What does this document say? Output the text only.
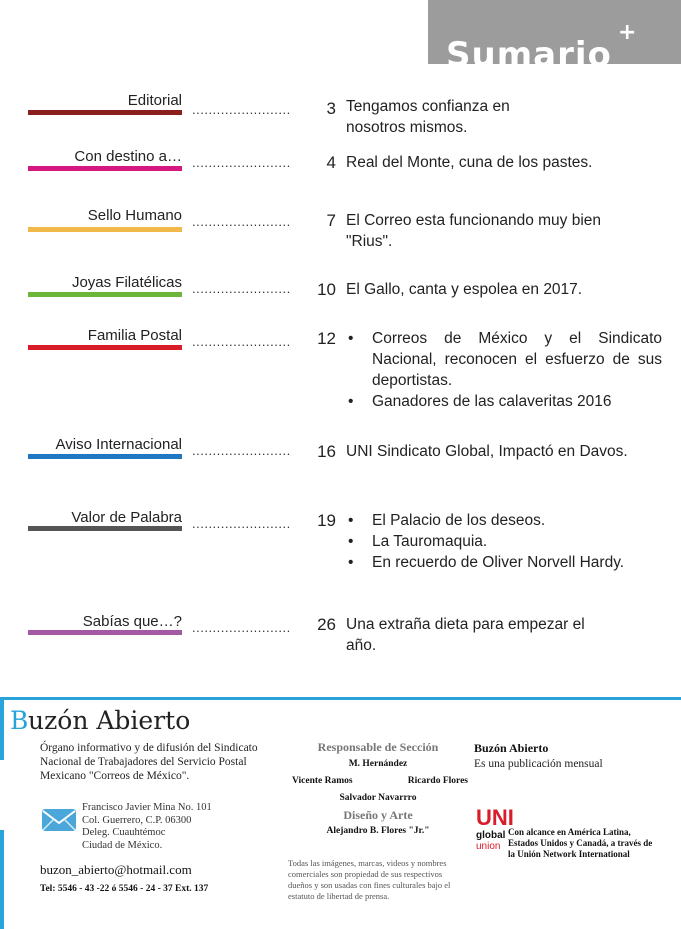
Sumario
+
Editorial
........................	3 Tengamos confianza en
nosotros mismos.
Con destino a… ........................	4 Real del Monte, cuna de los pastes.
Sello Humano ........................	7 El Correo esta funcionando muy bien
"Rius".
Joyas Filatélicas ........................	10 El Gallo, canta y espolea en 2017.
Familia Postal ........................	12	• Correos de México y el Sindicato Nacional, reconocen el esfuerzo de sus deportistas.
• Ganadores de las calaveritas 2016
Aviso Internacional ........................	16 UNI Sindicato Global, Impactó en Davos.
Valor de Palabra ........................	19	• El Palacio de los deseos.
• La Tauromaquia.
• En recuerdo de Oliver Norvell Hardy.
Sabías que…? ........................	26 Una extraña dieta para empezar el
año.
B uzón Abierto
Órgano informativo y de difusión del Sindicato Nacional de Trabajadores del Servicio Postal Mexicano "Correos de México".
Francisco Javier Mina No. 101
Col. Guerrero, C.P. 06300
Deleg. Cuauhtémoc
Ciudad de México.
buzon_abierto@hotmail.com
Tel: 5546 - 43 -22 ó 5546 - 24 - 37 Ext. 137
Responsable de Sección
M. Hernández
Vicente Ramos	Ricardo Flores
Salvador Navarrro
Diseño y Arte
Alejandro B. Flores "Jr."
Todas las imágenes, marcas, videos y nombres comerciales son propiedad de sus respectivos dueños y son usadas con fines culturales bajo el estatuto de libertad de prensa.
Buzón Abierto
Es una publicación mensual
UNI
global
union
Con alcance en América Latina, Estados Unidos y Canadá, a través de la Unión Network International
